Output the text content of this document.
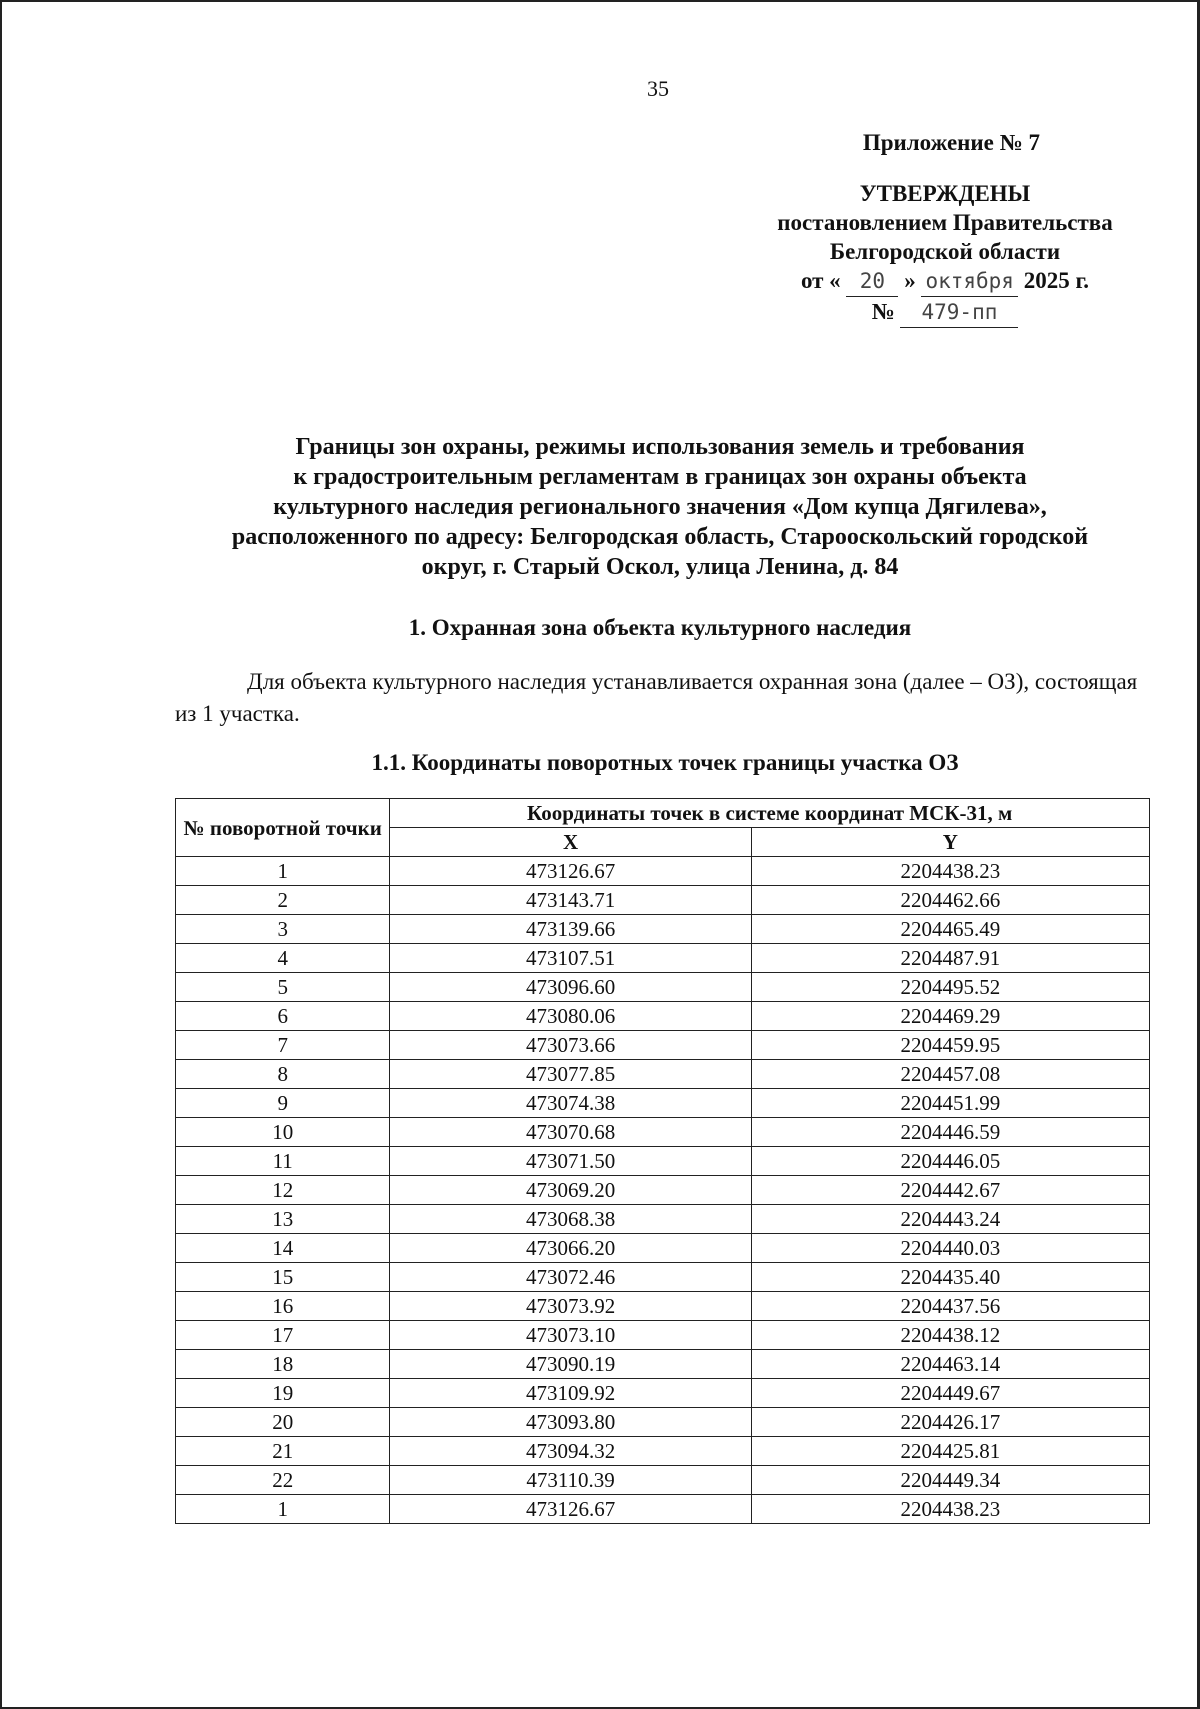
35
Приложение № 7
УТВЕРЖДЕНЫ
постановлением Правительства
Белгородской области
от « 20 » октября 2025 г.
№ 479-пп
Границы зон охраны, режимы использования земель и требования
к градостроительным регламентам в границах зон охраны объекта
культурного наследия регионального значения «Дом купца Дягилева»,
расположенного по адресу: Белгородская область, Старооскольский городской
округ, г. Старый Оскол, улица Ленина, д. 84
1. Охранная зона объекта культурного наследия
Для объекта культурного наследия устанавливается охранная зона (далее – ОЗ), состоящая из 1 участка.
1.1. Координаты поворотных точек границы участка ОЗ
№ поворотной точки	Координаты точек в системе координат МСК-31, м	
	X	Y
1	473126.67	2204438.23
2	473143.71	2204462.66
3	473139.66	2204465.49
4	473107.51	2204487.91
5	473096.60	2204495.52
6	473080.06	2204469.29
7	473073.66	2204459.95
8	473077.85	2204457.08
9	473074.38	2204451.99
10	473070.68	2204446.59
11	473071.50	2204446.05
12	473069.20	2204442.67
13	473068.38	2204443.24
14	473066.20	2204440.03
15	473072.46	2204435.40
16	473073.92	2204437.56
17	473073.10	2204438.12
18	473090.19	2204463.14
19	473109.92	2204449.67
20	473093.80	2204426.17
21	473094.32	2204425.81
22	473110.39	2204449.34
1	473126.67	2204438.23
